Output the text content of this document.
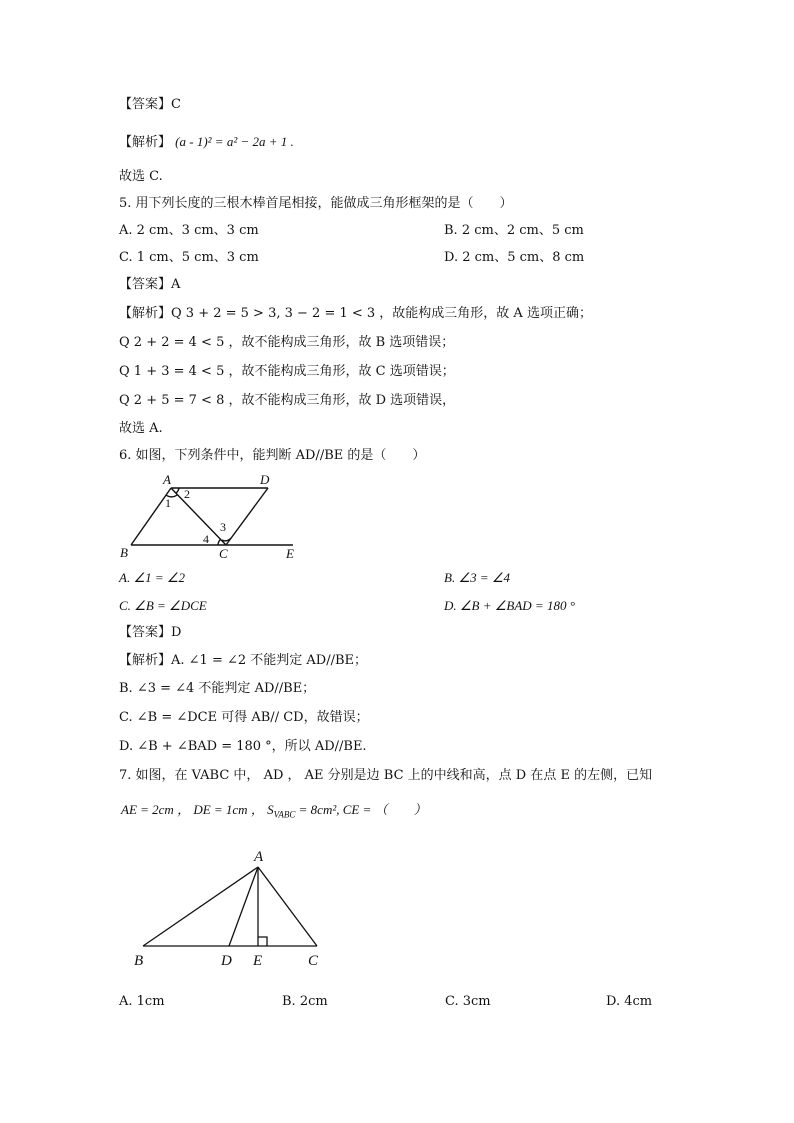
【答案】C
【解析】 (a - 1)² = a² − 2a + 1 .
故选 C.
5. 用下列长度的三根木棒首尾相接，能做成三角形框架的是（　　）
A. 2 cm、3 cm、3 cm	B. 2 cm、2 cm、5 cm
C. 1 cm、5 cm、3 cm	D. 2 cm、5 cm、8 cm
【答案】A
【解析】Q 3 + 2 = 5 > 3, 3 − 2 = 1 < 3 ，故能构成三角形，故 A 选项正确；
Q 2 + 2 = 4 < 5 ，故不能构成三角形，故 B 选项错误；
Q 1 + 3 = 4 < 5 ，故不能构成三角形，故 C 选项错误；
Q 2 + 5 = 7 < 8 ，故不能构成三角形，故 D 选项错误，
故选 A.
6. 如图，下列条件中，能判断 AD//BE 的是（　　）
A	D
B	C	E
1
2
3
4
A. ∠1 = ∠2	B. ∠3 = ∠4
C. ∠B = ∠DCE	D. ∠B + ∠BAD = 180 °
【答案】D
【解析】A. ∠1 = ∠2 不能判定 AD//BE；
B. ∠3 = ∠4 不能判定 AD//BE；
C. ∠B = ∠DCE 可得 AB// CD，故错误；
D. ∠B + ∠BAD = 180 °，所以 AD//BE.
7. 如图，在 VABC 中， AD ， AE 分别是边 BC 上的中线和高，点 D 在点 E 的左侧，已知
AE = 2cm ， DE = 1cm ， $S_{VABC} = 8cm^2$, CE = （　　）
A
B	D E	C
A. 1cm	B. 2cm	C. 3cm	D. 4cm
